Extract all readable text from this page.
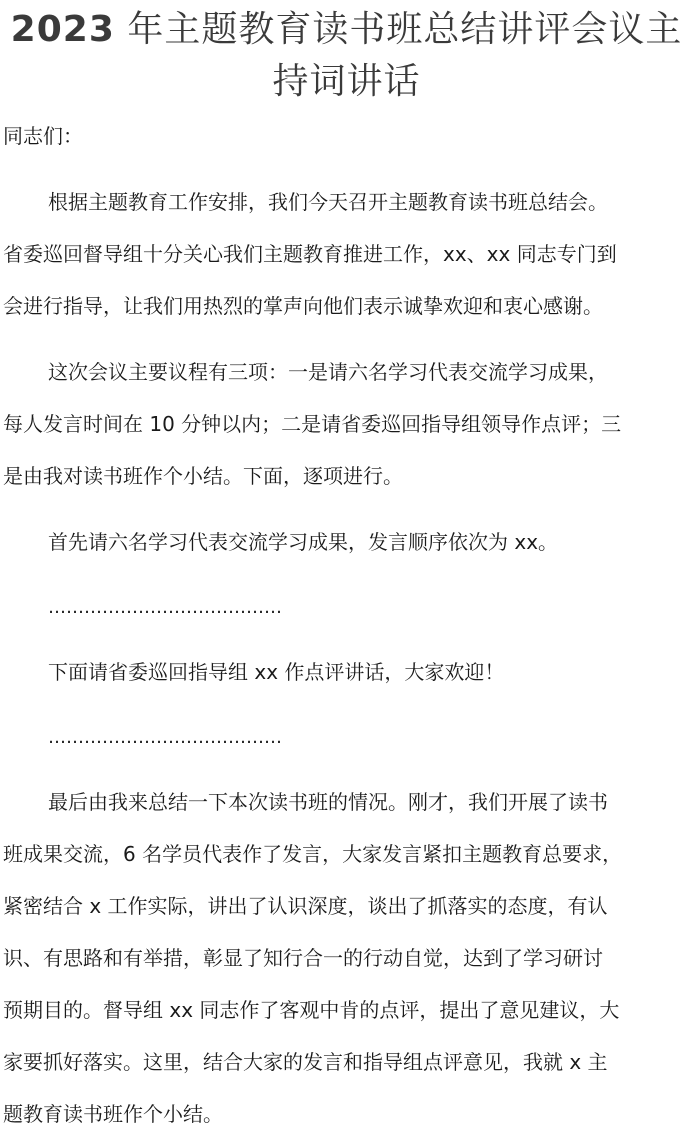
2023 年主题教育读书班总结讲评会议主
持词讲话
同志们：

根据主题教育工作安排，我们今天召开主题教育读书班总结会。
省委巡回督导组十分关心我们主题教育推进工作，xx、xx 同志专门到
会进行指导，让我们用热烈的掌声向他们表示诚挚欢迎和衷心感谢。

这次会议主要议程有三项：一是请六名学习代表交流学习成果，
每人发言时间在 10 分钟以内；二是请省委巡回指导组领导作点评；三
是由我对读书班作个小结。下面，逐项进行。

首先请六名学习代表交流学习成果，发言顺序依次为 xx。

…………………………………

下面请省委巡回指导组 xx 作点评讲话，大家欢迎！

…………………………………

最后由我来总结一下本次读书班的情况。刚才，我们开展了读书
班成果交流，6 名学员代表作了发言，大家发言紧扣主题教育总要求，
紧密结合 x 工作实际，讲出了认识深度，谈出了抓落实的态度，有认
识、有思路和有举措，彰显了知行合一的行动自觉，达到了学习研讨
预期目的。督导组 xx 同志作了客观中肯的点评，提出了意见建议，大
家要抓好落实。这里，结合大家的发言和指导组点评意见，我就 x 主
题教育读书班作个小结。
